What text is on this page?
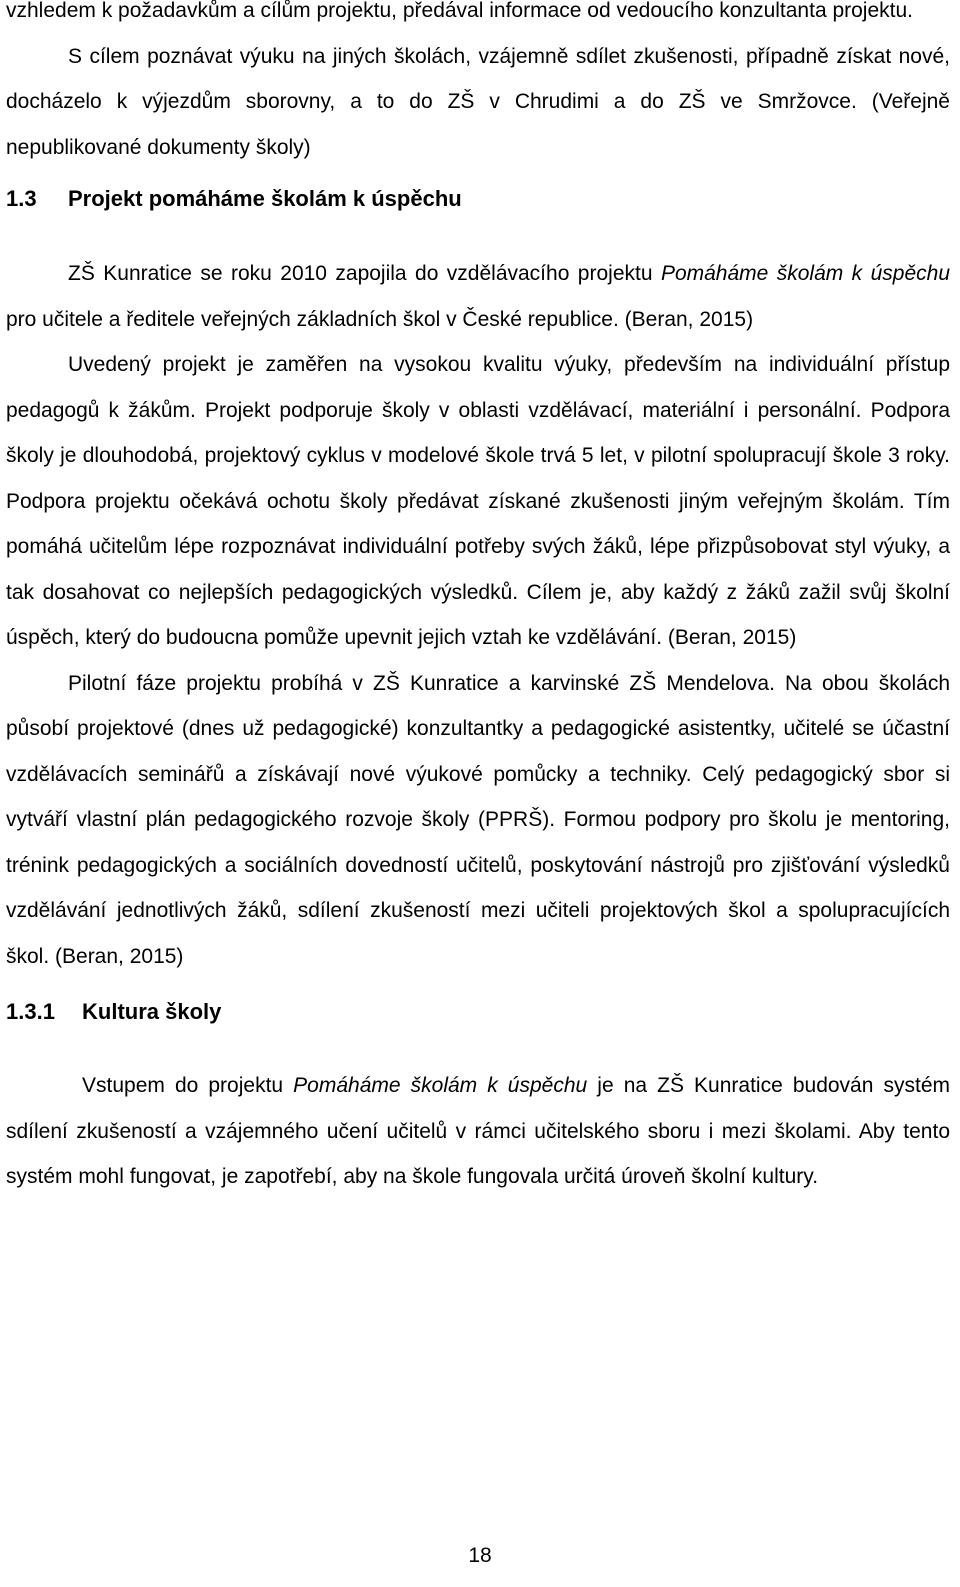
vzhledem k požadavkům a cílům projektu, předával informace od vedoucího konzultanta projektu.

S cílem poznávat výuku na jiných školách, vzájemně sdílet zkušenosti, případně získat nové, docházelo k výjezdům sborovny, a to do ZŠ v Chrudimi a do ZŠ ve Smržovce. (Veřejně nepublikované dokumenty školy)

1.3 Projekt pomáháme školám k úspěchu

ZŠ Kunratice se roku 2010 zapojila do vzdělávacího projektu Pomáháme školám k úspěchu pro učitele a ředitele veřejných základních škol v České republice. (Beran, 2015)

Uvedený projekt je zaměřen na vysokou kvalitu výuky, především na individuální přístup pedagogů k žákům. Projekt podporuje školy v oblasti vzdělávací, materiální i personální. Podpora školy je dlouhodobá, projektový cyklus v modelové škole trvá 5 let, v pilotní spolupracují škole 3 roky. Podpora projektu očekává ochotu školy předávat získané zkušenosti jiným veřejným školám. Tím pomáhá učitelům lépe rozpoznávat individuální potřeby svých žáků, lépe přizpůsobovat styl výuky, a tak dosahovat co nejlepších pedagogických výsledků. Cílem je, aby každý z žáků zažil svůj školní úspěch, který do budoucna pomůže upevnit jejich vztah ke vzdělávání. (Beran, 2015)

Pilotní fáze projektu probíhá v ZŠ Kunratice a karvinské ZŠ Mendelova. Na obou školách působí projektové (dnes už pedagogické) konzultantky a pedagogické asistentky, učitelé se účastní vzdělávacích seminářů a získávají nové výukové pomůcky a techniky. Celý pedagogický sbor si vytváří vlastní plán pedagogického rozvoje školy (PPRŠ). Formou podpory pro školu je mentoring, trénink pedagogických a sociálních dovedností učitelů, poskytování nástrojů pro zjišťování výsledků vzdělávání jednotlivých žáků, sdílení zkušeností mezi učiteli projektových škol a spolupracujících škol. (Beran, 2015)

1.3.1 Kultura školy

Vstupem do projektu Pomáháme školám k úspěchu je na ZŠ Kunratice budován systém sdílení zkušeností a vzájemného učení učitelů v rámci učitelského sboru i mezi školami. Aby tento systém mohl fungovat, je zapotřebí, aby na škole fungovala určitá úroveň školní kultury.

18
